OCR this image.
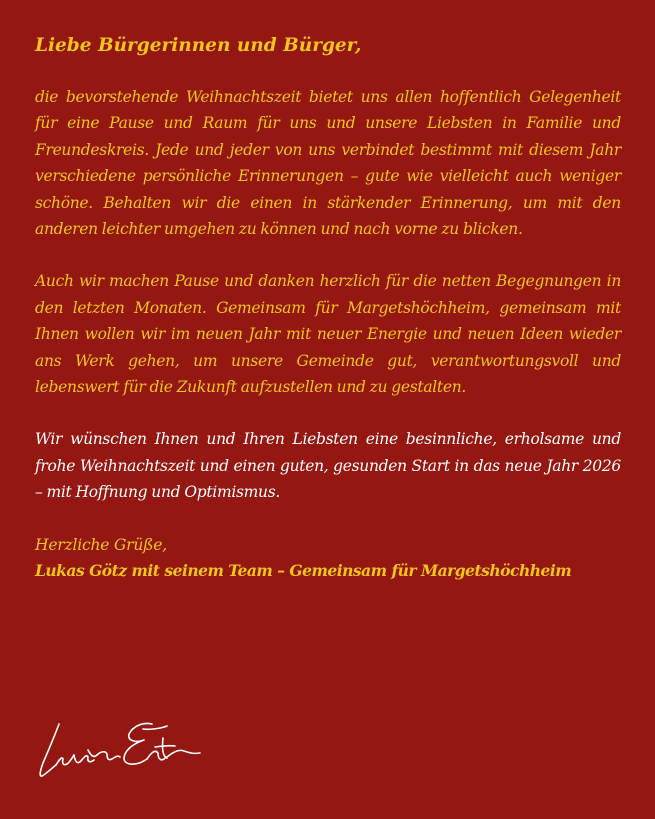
Liebe Bürgerinnen und Bürger,

die bevorstehende Weihnachtszeit bietet uns allen hoffentlich Gelegenheit für eine Pause und Raum für uns und unsere Liebsten in Familie und Freundeskreis. Jede und jeder von uns verbindet bestimmt mit diesem Jahr verschiedene persönliche Erinnerungen – gute wie vielleicht auch weniger schöne. Behalten wir die einen in stärkender Erinnerung, um mit den anderen leichter umgehen zu können und nach vorne zu blicken.

Auch wir machen Pause und danken herzlich für die netten Begegnungen in den letzten Monaten. Gemeinsam für Margetshöchheim, gemeinsam mit Ihnen wollen wir im neuen Jahr mit neuer Energie und neuen Ideen wieder ans Werk gehen, um unsere Gemeinde gut, verantwortungsvoll und lebenswert für die Zukunft aufzustellen und zu gestalten.

Wir wünschen Ihnen und Ihren Liebsten eine besinnliche, erholsame und frohe Weihnachtszeit und einen guten, gesunden Start in das neue Jahr 2026 – mit Hoffnung und Optimismus.

Herzliche Grüße,

Lukas Götz mit seinem Team – Gemeinsam für Margetshöchheim
